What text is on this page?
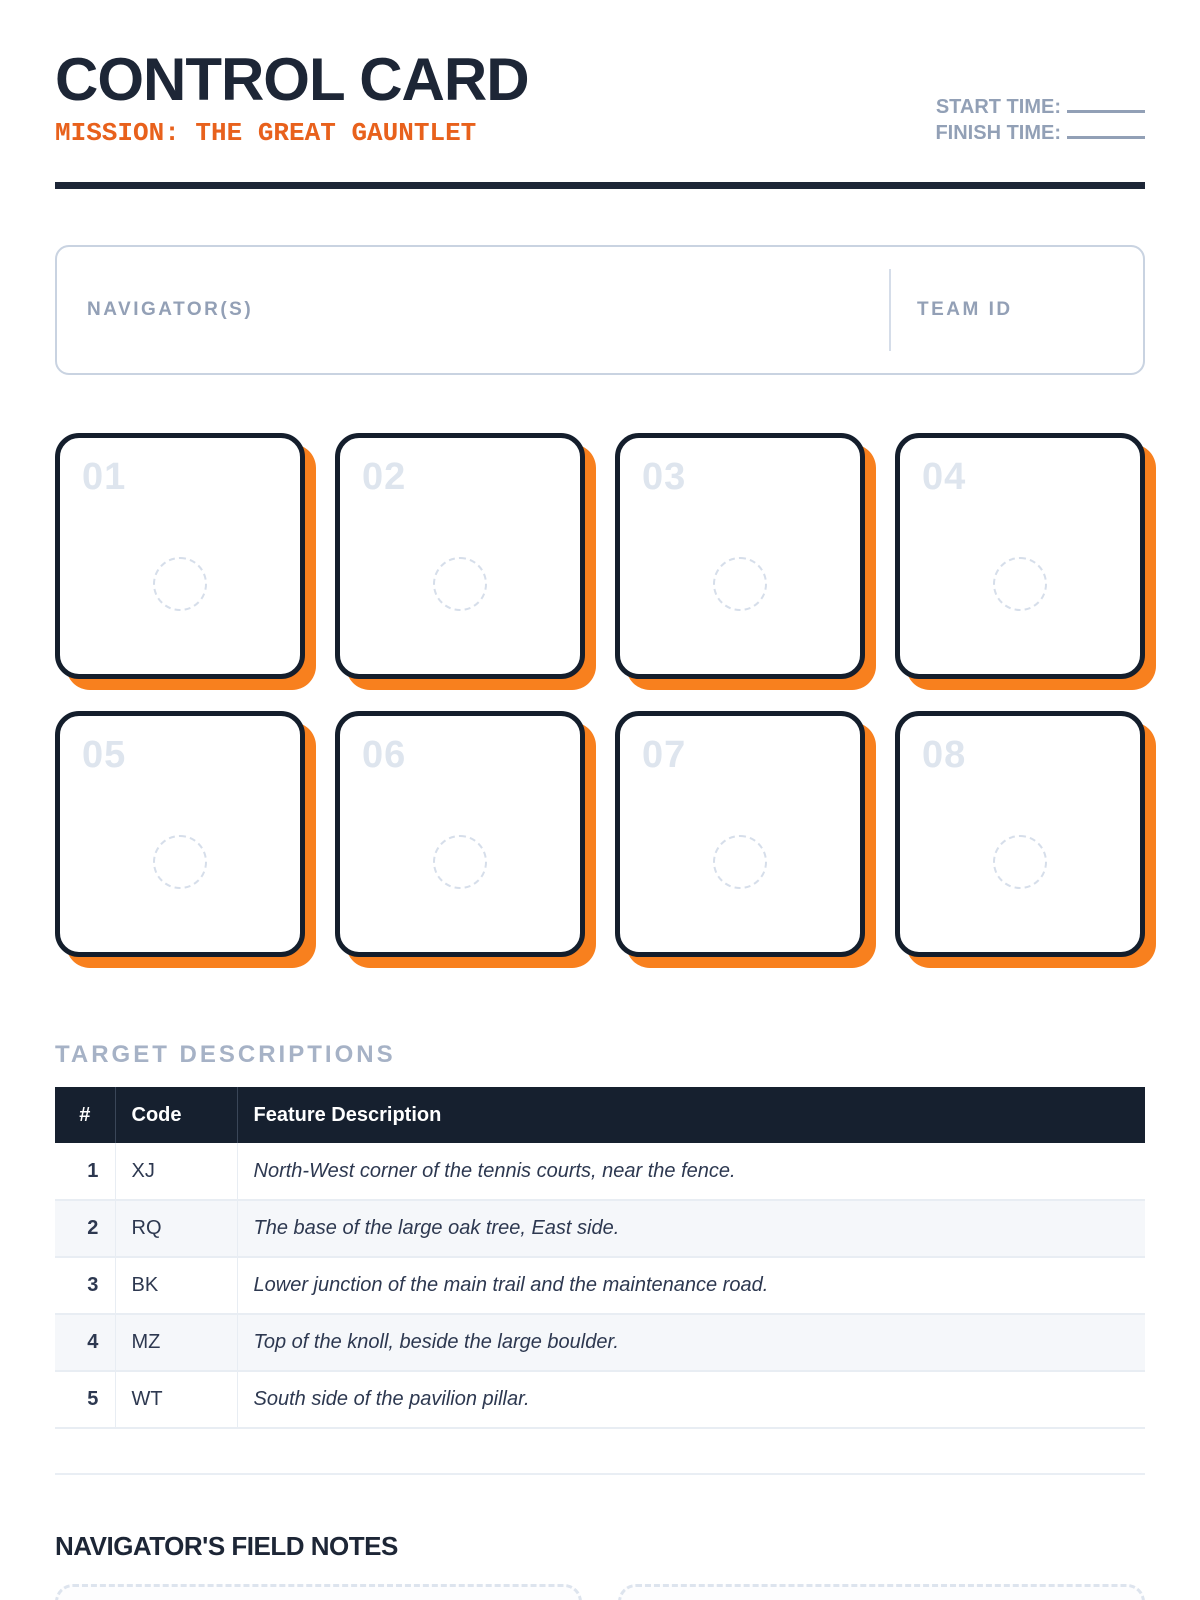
CONTROL CARD
MISSION: THE GREAT GAUNTLET
START TIME:
FINISH TIME:
NAVIGATOR(S)	TEAM ID
01	02	03	04
05	06	07	08
TARGET DESCRIPTIONS
#	Code	Feature Description
1	XJ	North-West corner of the tennis courts, near the fence.
2	RQ	The base of the large oak tree, East side.
3	BK	Lower junction of the main trail and the maintenance road.
4	MZ	Top of the knoll, beside the large boulder.
5	WT	South side of the pavilion pillar.
NAVIGATOR'S FIELD NOTES
